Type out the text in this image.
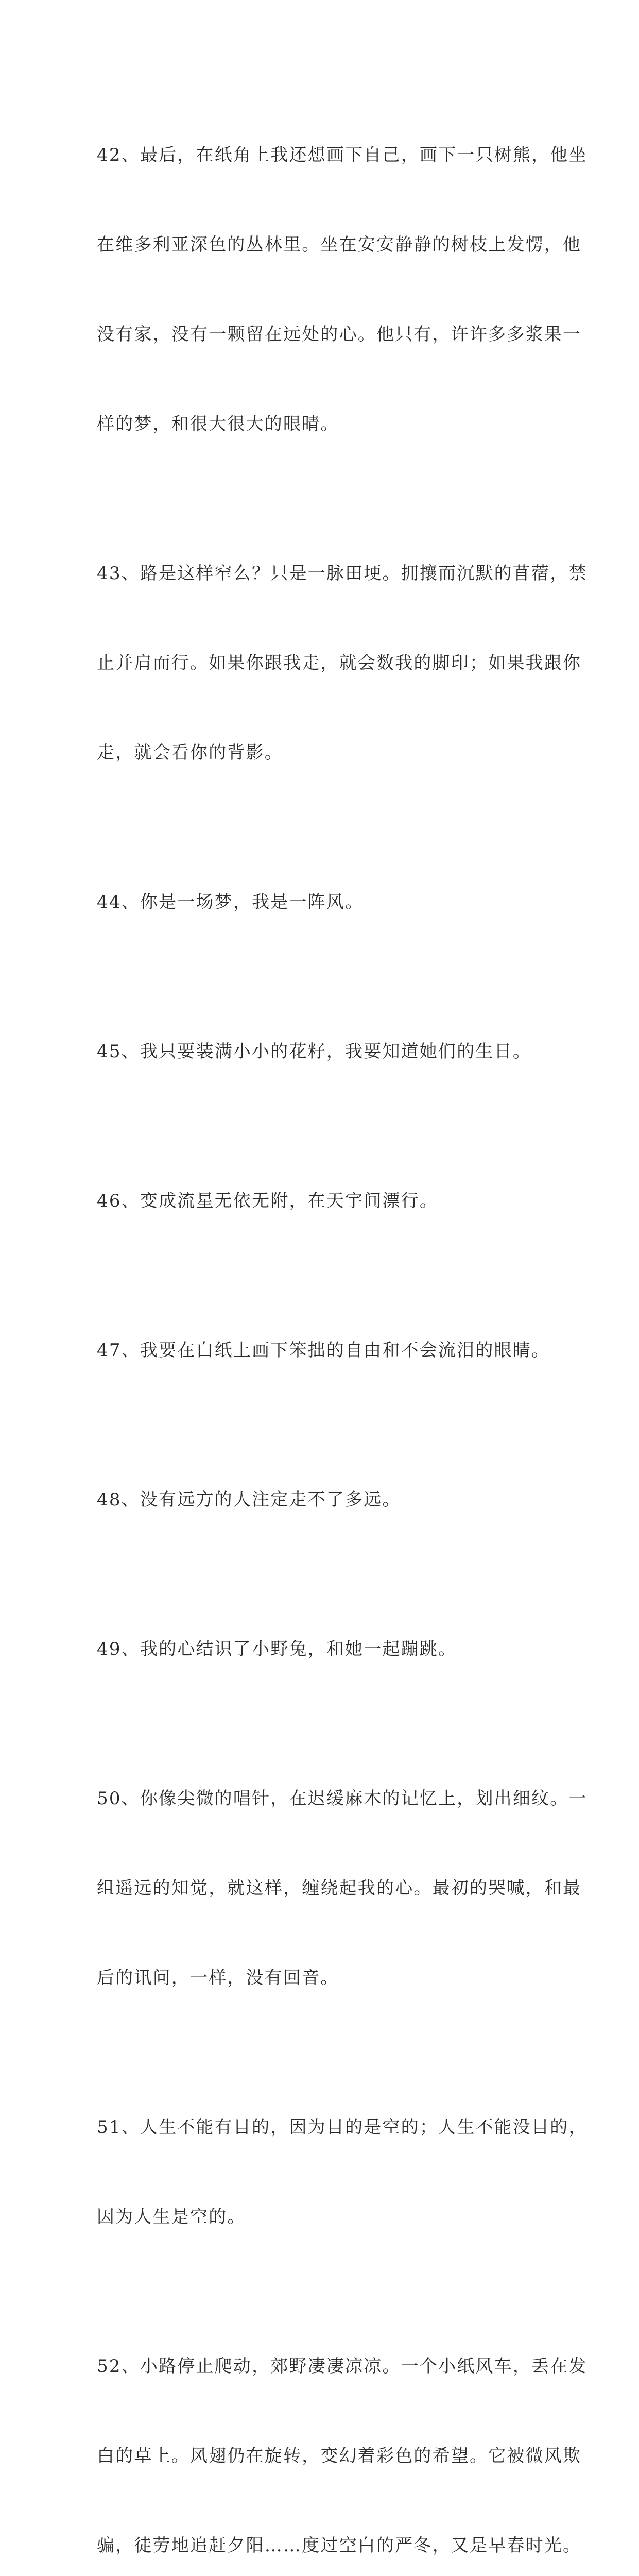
42、最后，在纸角上我还想画下自己，画下一只树熊，他坐

在维多利亚深色的丛林里。坐在安安静静的树枝上发愣，他

没有家，没有一颗留在远处的心。他只有，许许多多浆果一

样的梦，和很大很大的眼睛。

43、路是这样窄么？只是一脉田埂。拥攘而沉默的苜蓿，禁

止并肩而行。如果你跟我走，就会数我的脚印；如果我跟你

走，就会看你的背影。

44、你是一场梦，我是一阵风。

45、我只要装满小小的花籽，我要知道她们的生日。

46、变成流星无依无附，在天宇间漂行。

47、我要在白纸上画下笨拙的自由和不会流泪的眼睛。

48、没有远方的人注定走不了多远。

49、我的心结识了小野兔，和她一起蹦跳。

50、你像尖微的唱针，在迟缓麻木的记忆上，划出细纹。一

组遥远的知觉，就这样，缠绕起我的心。最初的哭喊，和最

后的讯问，一样，没有回音。

51、人生不能有目的，因为目的是空的；人生不能没目的，

因为人生是空的。

52、小路停止爬动，郊野凄凄凉凉。一个小纸风车，丢在发

白的草上。风翅仍在旋转，变幻着彩色的希望。它被微风欺

骗，徒劳地追赶夕阳……度过空白的严冬，又是早春时光。
